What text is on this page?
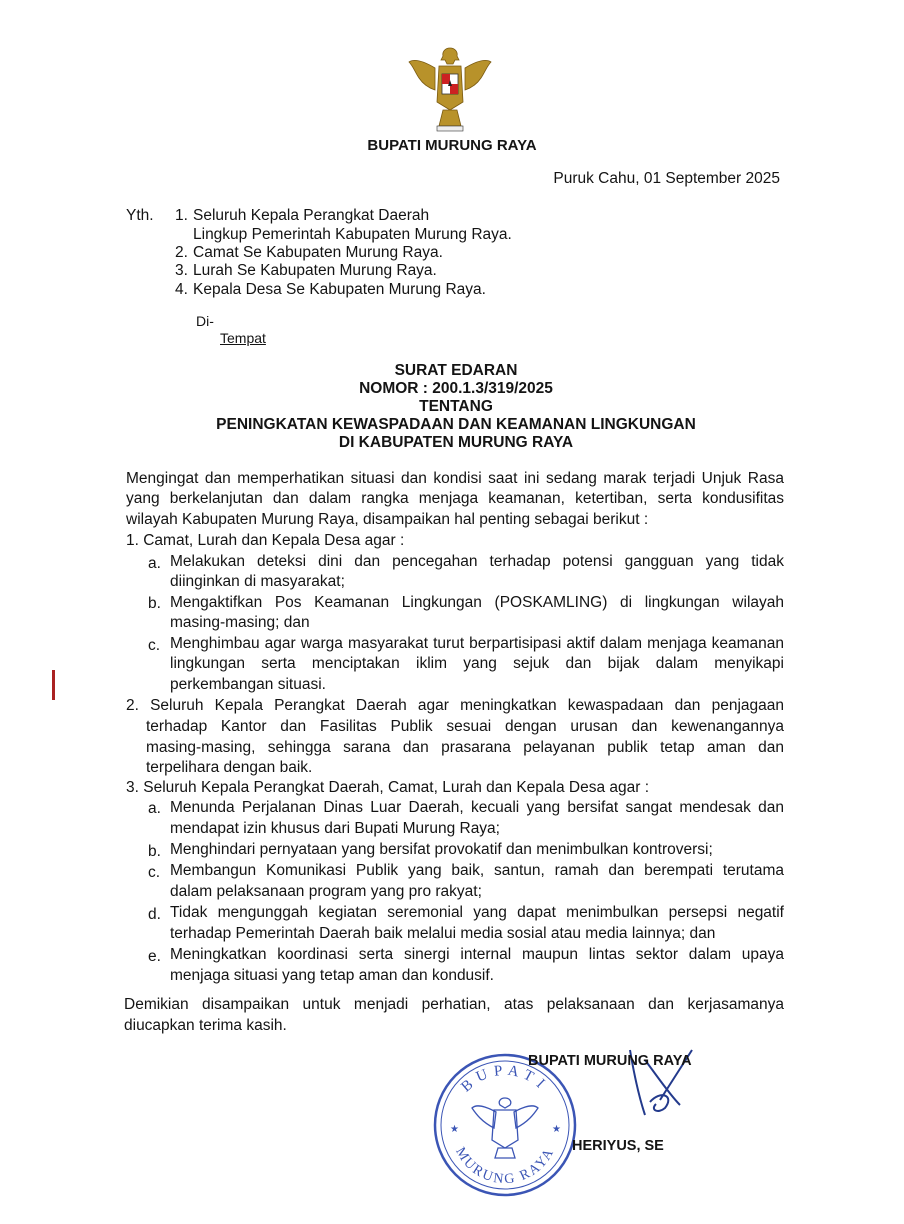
BUPATI MURUNG RAYA
Puruk Cahu, 01 September 2025
Yth. 1. Seluruh Kepala Perangkat Daerah
Lingkup Pemerintah Kabupaten Murung Raya.
2. Camat Se Kabupaten Murung Raya.
3. Lurah Se Kabupaten Murung Raya.
4. Kepala Desa Se Kabupaten Murung Raya.
Di-
Tempat
SURAT EDARAN
NOMOR : 200.1.3/319/2025
TENTANG
PENINGKATAN KEWASPADAAN DAN KEAMANAN LINGKUNGAN
DI KABUPATEN MURUNG RAYA
Mengingat dan memperhatikan situasi dan kondisi saat ini sedang marak terjadi Unjuk Rasa
yang berkelanjutan dan dalam rangka menjaga keamanan, ketertiban, serta kondusifitas
wilayah Kabupaten Murung Raya, disampaikan hal penting sebagai berikut :
1. Camat, Lurah dan Kepala Desa agar :
a. Melakukan deteksi dini dan pencegahan terhadap potensi gangguan yang tidak
diinginkan di masyarakat;
b. Mengaktifkan Pos Keamanan Lingkungan (POSKAMLING) di lingkungan wilayah
masing-masing; dan
c. Menghimbau agar warga masyarakat turut berpartisipasi aktif dalam menjaga keamanan
lingkungan serta menciptakan iklim yang sejuk dan bijak dalam menyikapi
perkembangan situasi.
2. Seluruh Kepala Perangkat Daerah agar meningkatkan kewaspadaan dan penjagaan
terhadap Kantor dan Fasilitas Publik sesuai dengan urusan dan kewenangannya
masing-masing, sehingga sarana dan prasarana pelayanan publik tetap aman dan
terpelihara dengan baik.
3. Seluruh Kepala Perangkat Daerah, Camat, Lurah dan Kepala Desa agar :
a. Menunda Perjalanan Dinas Luar Daerah, kecuali yang bersifat sangat mendesak dan
mendapat izin khusus dari Bupati Murung Raya;
b. Menghindari pernyataan yang bersifat provokatif dan menimbulkan kontroversi;
c. Membangun Komunikasi Publik yang baik, santun, ramah dan berempati terutama
dalam pelaksanaan program yang pro rakyat;
d. Tidak mengunggah kegiatan seremonial yang dapat menimbulkan persepsi negatif
terhadap Pemerintah Daerah baik melalui media sosial atau media lainnya; dan
e. Meningkatkan koordinasi serta sinergi internal maupun lintas sektor dalam upaya
menjaga situasi yang tetap aman dan kondusif.
Demikian disampaikan untuk menjadi perhatian, atas pelaksanaan dan kerjasamanya
diucapkan terima kasih.
BUPATI
MURUNG RAYA
★	★
BUPATI MURUNG RAYA
HERIYUS, SE
